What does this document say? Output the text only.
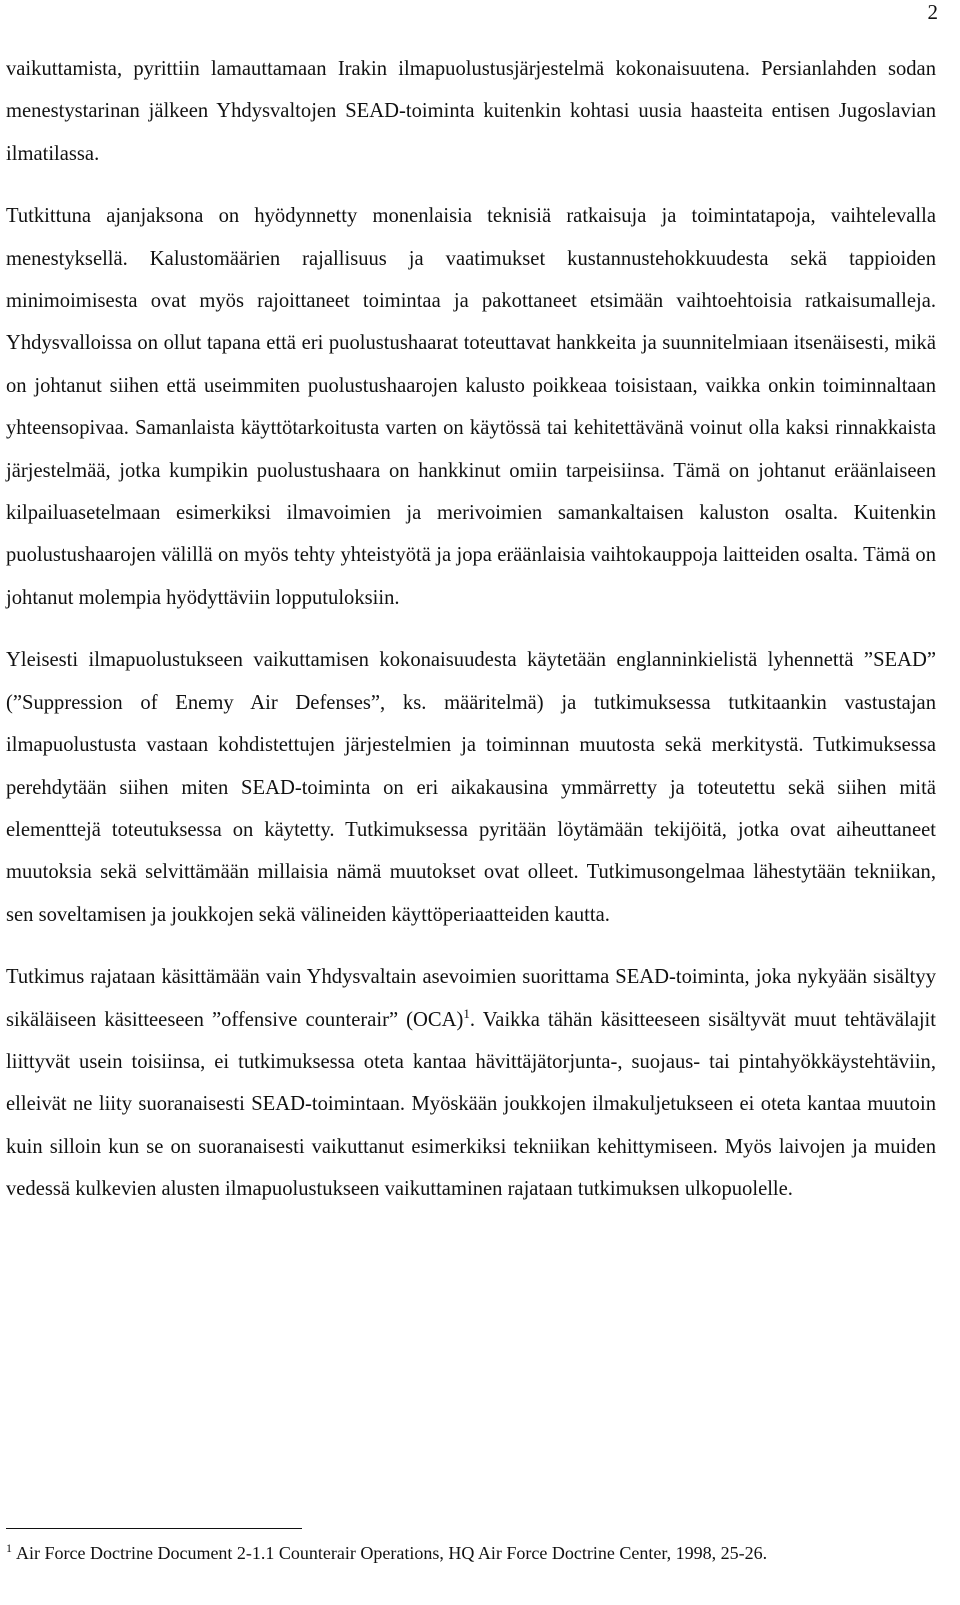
2

vaikuttamista, pyrittiin lamauttamaan Irakin ilmapuolustusjärjestelmä kokonaisuutena. Persianlahden sodan menestystarinan jälkeen Yhdysvaltojen SEAD-toiminta kuitenkin kohtasi uusia haasteita entisen Jugoslavian ilmatilassa.

Tutkittuna ajanjaksona on hyödynnetty monenlaisia teknisiä ratkaisuja ja toimintatapoja, vaihtelevalla menestyksellä. Kalustomäärien rajallisuus ja vaatimukset kustannustehokkuudesta sekä tappioiden minimoimisesta ovat myös rajoittaneet toimintaa ja pakottaneet etsimään vaihtoehtoisia ratkaisumalleja. Yhdysvalloissa on ollut tapana että eri puolustushaarat toteuttavat hankkeita ja suunnitelmiaan itsenäisesti, mikä on johtanut siihen että useimmiten puolustushaarojen kalusto poikkeaa toisistaan, vaikka onkin toiminnaltaan yhteensopivaa. Samanlaista käyttötarkoitusta varten on käytössä tai kehitettävänä voinut olla kaksi rinnakkaista järjestelmää, jotka kumpikin puolustushaara on hankkinut omiin tarpeisiinsa. Tämä on johtanut eräänlaiseen kilpailuasetelmaan esimerkiksi ilmavoimien ja merivoimien samankaltaisen kaluston osalta. Kuitenkin puolustushaarojen välillä on myös tehty yhteistyötä ja jopa eräänlaisia vaihtokauppoja laitteiden osalta. Tämä on johtanut molempia hyödyttäviin lopputuloksiin.

Yleisesti ilmapuolustukseen vaikuttamisen kokonaisuudesta käytetään englanninkielistä lyhennettä ”SEAD” (”Suppression of Enemy Air Defenses”, ks. määritelmä) ja tutkimuksessa tutkitaankin vastustajan ilmapuolustusta vastaan kohdistettujen järjestelmien ja toiminnan muutosta sekä merkitystä. Tutkimuksessa perehdytään siihen miten SEAD-toiminta on eri aikakausina ymmärretty ja toteutettu sekä siihen mitä elementtejä toteutuksessa on käytetty. Tutkimuksessa pyritään löytämään tekijöitä, jotka ovat aiheuttaneet muutoksia sekä selvittämään millaisia nämä muutokset ovat olleet. Tutkimusongelmaa lähestytään tekniikan, sen soveltamisen ja joukkojen sekä välineiden käyttöperiaatteiden kautta.

Tutkimus rajataan käsittämään vain Yhdysvaltain asevoimien suorittama SEAD-toiminta, joka nykyään sisältyy sikäläiseen käsitteeseen ”offensive counterair” (OCA)$^1$. Vaikka tähän käsitteeseen sisältyvät muut tehtävälajit liittyvät usein toisiinsa, ei tutkimuksessa oteta kantaa hävittäjätorjunta-, suojaus- tai pintahyökkäystehtäviin, elleivät ne liity suoranaisesti SEAD-toimintaan. Myöskään joukkojen ilmakuljetukseen ei oteta kantaa muutoin kuin silloin kun se on suoranaisesti vaikuttanut esimerkiksi tekniikan kehittymiseen. Myös laivojen ja muiden vedessä kulkevien alusten ilmapuolustukseen vaikuttaminen rajataan tutkimuksen ulkopuolelle.

$^1$ Air Force Doctrine Document 2-1.1 Counterair Operations, HQ Air Force Doctrine Center, 1998, 25-26.
